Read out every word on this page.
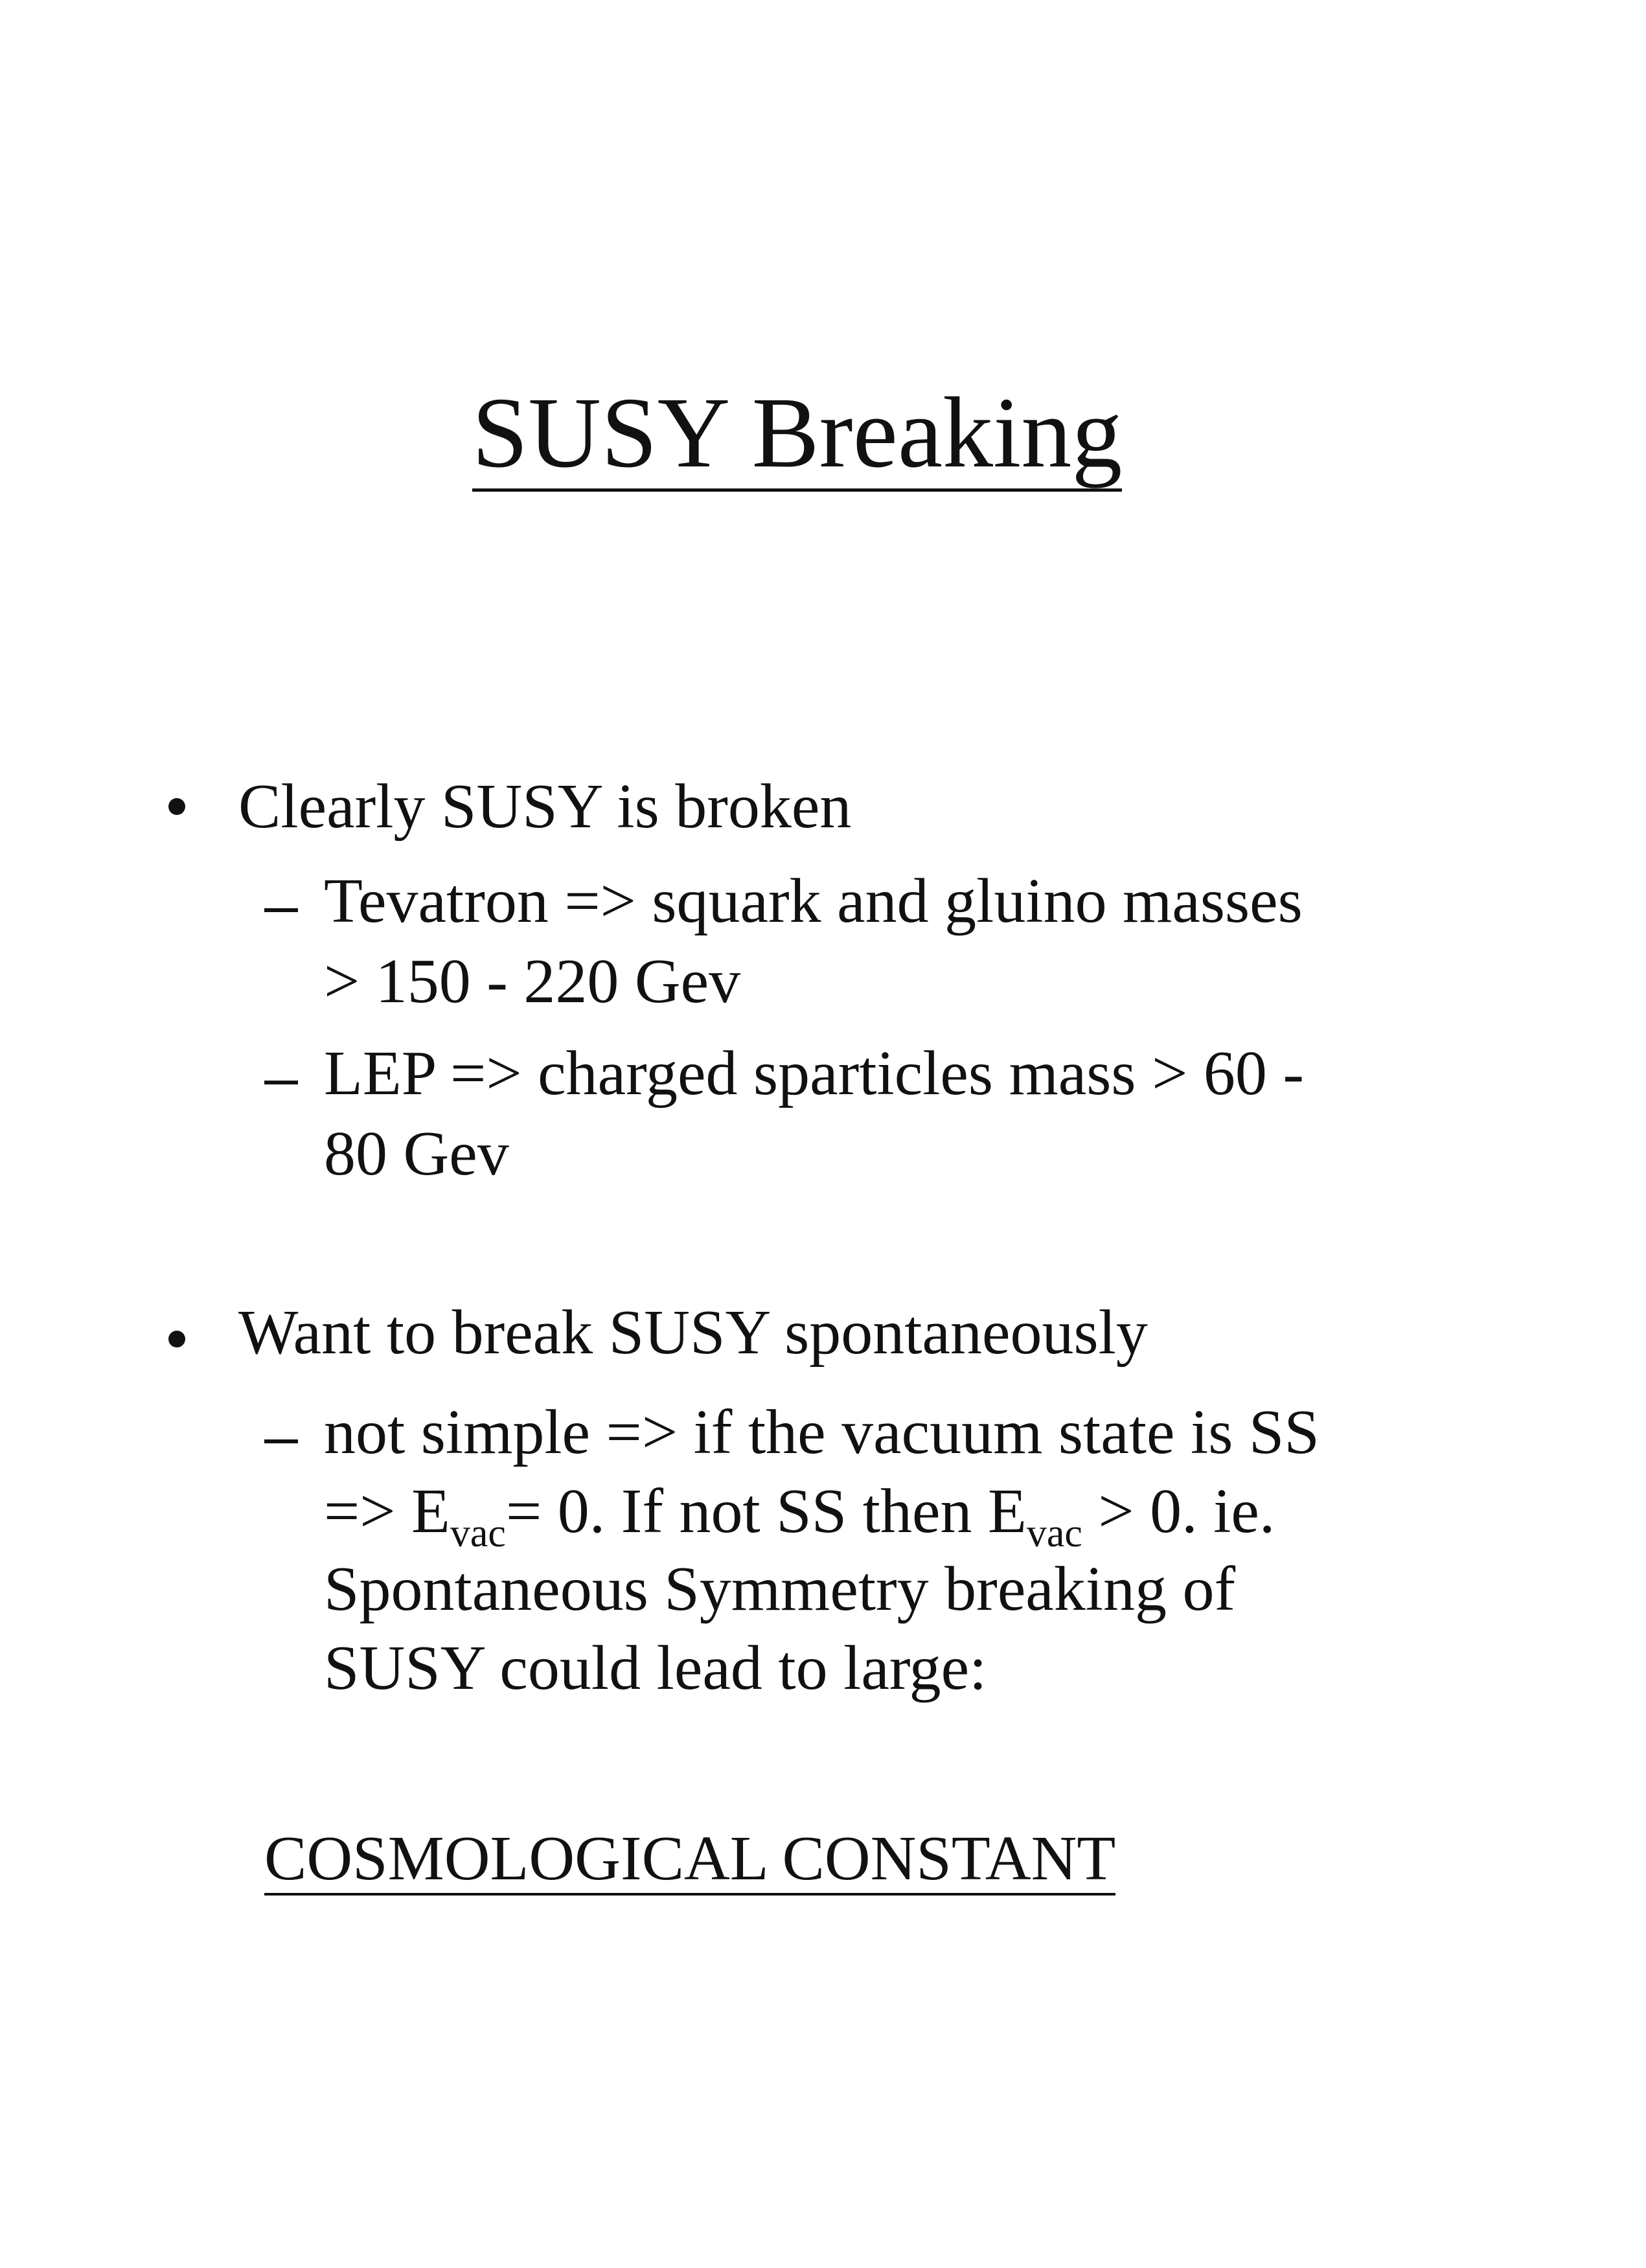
SUSY Breaking
Clearly SUSY is broken
Tevatron => squark and gluino masses
> 150 - 220 Gev
LEP => charged sparticles mass > 60 -
80 Gev
Want to break SUSY spontaneously
not simple => if the vacuum state is SS
=> $E_{vac}= 0$. If not SS then $E_{vac} > 0$. ie.
Spontaneous Symmetry breaking of
SUSY could lead to large:
COSMOLOGICAL CONSTANT
